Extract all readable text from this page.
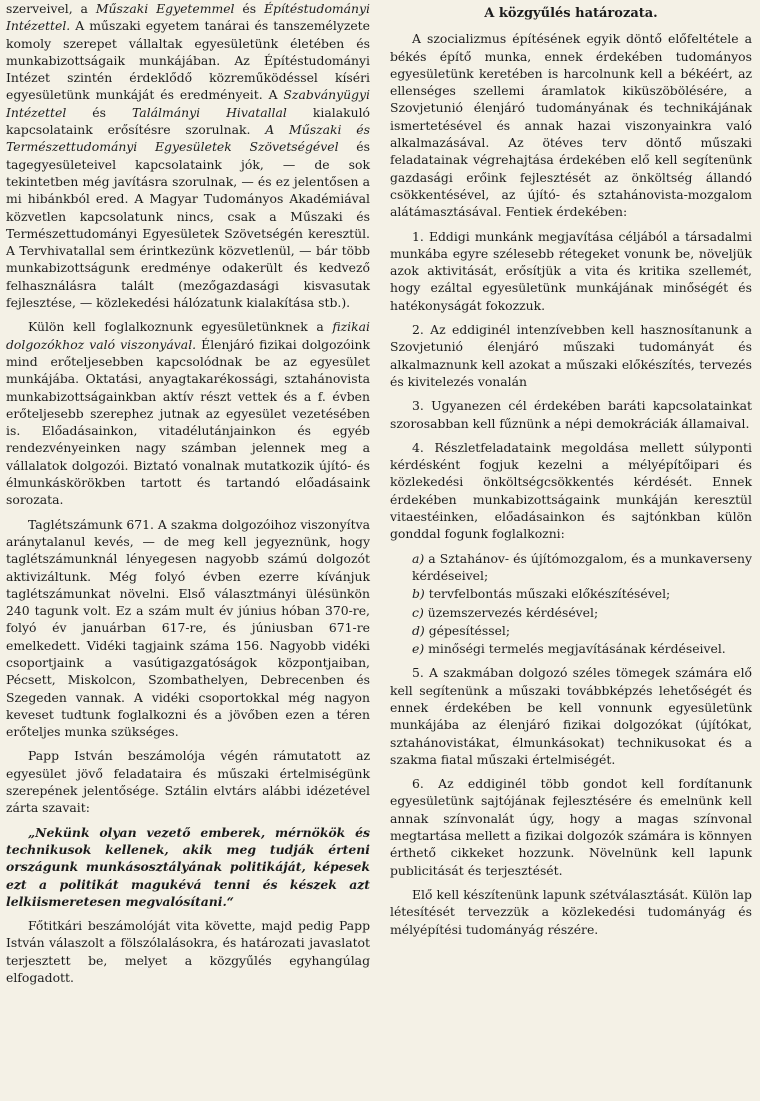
szerveivel, a Műszaki Egyetemmel és Építéstudományi Intézettel. A műszaki egyetem tanárai és tanszemélyzete komoly szerepet vállaltak egyesületünk életében és munkabizottságaik munkájában. Az Építéstudományi Intézet szintén érdeklődő közreműködéssel kíséri egyesületünk munkáját és eredményeit. A Szabványügyi Intézettel és Találmányi Hivatallal kialakuló kapcsolataink erősítésre szorulnak. A Műszaki és Természettudományi Egyesületek Szövetségével és tagegyesületeivel kapcsolataink jók, — de sok tekintetben még javításra szorulnak, — és ez jelentősen a mi hibánkból ered. A Magyar Tudományos Akadémiával közvetlen kapcsolatunk nincs, csak a Műszaki és Természettudományi Egyesületek Szövetségén keresztül. A Tervhivatallal sem érintkezünk közvetlenül, — bár több munkabizottságunk eredménye odakerült és kedvező felhasználásra talált (mezőgazdasági kisvasutak fejlesztése, — közlekedési hálózatunk kialakítása stb.).

Külön kell foglalkoznunk egyesületünknek a fizikai dolgozókhoz való viszonyával. Élenjáró fizikai dolgozóink mind erőteljesebben kapcsolódnak be az egyesület munkájába. Oktatási, anyagtakarékossági, sztahánovista munkabizottságainkban aktív részt vettek és a f. évben erőteljesebb szerephez jutnak az egyesület vezetésében is. Előadásainkon, vitadélutánjainkon és egyéb rendezvényeinken nagy számban jelennek meg a vállalatok dolgozói. Biztató vonalnak mutatkozik újító- és élmunkáskörökben tartott és tartandó előadásaink sorozata.

Taglétszámunk 671. A szakma dolgozóihoz viszonyítva aránytalanul kevés, — de meg kell jegyeznünk, hogy taglétszámunknál lényegesen nagyobb számú dolgozót aktivizáltunk. Még folyó évben ezerre kívánjuk taglétszámunkat növelni. Első választmányi ülésünkön 240 tagunk volt. Ez a szám mult év június hóban 370-re, folyó év januárban 617-re, és júniusban 671-re emelkedett. Vidéki tagjaink száma 156. Nagyobb vidéki csoportjaink a vasútigazgatóságok központjaiban, Pécsett, Miskolcon, Szombathelyen, Debrecenben és Szegeden vannak. A vidéki csoportokkal még nagyon keveset tudtunk foglalkozni és a jövőben ezen a téren erőteljes munka szükséges.

Papp István beszámolója végén rámutatott az egyesület jövő feladataira és műszaki értelmiségünk szerepének jelentősége. Sztálin elvtárs alábbi idézetével zárta szavait:

„Nekünk olyan vezető emberek, mérnökök és technikusok kellenek, akik meg tudják érteni országunk munkásosztályának politikáját, képesek ezt a politikát magukévá tenni és készek azt lelkiismeretesen megvalósítani.“

Főtitkári beszámolóját vita követte, majd pedig Papp István válaszolt a fölszólalásokra, és határozati javaslatot terjesztett be, melyet a közgyűlés egyhangúlag elfogadott.

A közgyűlés határozata.

A szocializmus építésének egyik döntő előfeltétele a békés építő munka, ennek érdekében tudományos egyesületünk keretében is harcolnunk kell a békéért, az ellenséges szellemi áramlatok kiküszöbölésére, a Szovjetunió élenjáró tudományának és technikájának ismertetésével és annak hazai viszonyainkra való alkalmazásával. Az ötéves terv döntő műszaki feladatainak végrehajtása érdekében elő kell segítenünk gazdasági erőink fejlesztését az önköltség állandó csökkentésével, az újító- és sztahánovista-mozgalom alátámasztásával. Fentiek érdekében:

1. Eddigi munkánk megjavítása céljából a társadalmi munkába egyre szélesebb rétegeket vonunk be, növeljük azok aktivitását, erősítjük a vita és kritika szellemét, hogy ezáltal egyesületünk munkájának minőségét és hatékonyságát fokozzuk.

2. Az eddiginél intenzívebben kell hasznosítanunk a Szovjetunió élenjáró műszaki tudományát és alkalmaznunk kell azokat a műszaki előkészítés, tervezés és kivitelezés vonalán

3. Ugyanezen cél érdekében baráti kapcsolatainkat szorosabban kell fűznünk a népi demokráciák államaival.

4. Részletfeladataink megoldása mellett súlyponti kérdésként fogjuk kezelni a mélyépítőipari és közlekedési önköltségcsökkentés kérdését. Ennek érdekében munkabizottságaink munkáján keresztül vitaestéinken, előadásainkon és sajtónkban külön gonddal fogunk foglalkozni:

a) a Sztahánov- és újítómozgalom, és a munkaverseny kérdéseivel;

b) tervfelbontás műszaki előkészítésével;

c) üzemszervezés kérdésével;

d) gépesítéssel;

e) minőségi termelés megjavításának kérdéseivel.

5. A szakmában dolgozó széles tömegek számára elő kell segítenünk a műszaki továbbképzés lehetőségét és ennek érdekében be kell vonnunk egyesületünk munkájába az élenjáró fizikai dolgozókat (újítókat, sztahánovistákat, élmunkásokat) technikusokat és a szakma fiatal műszaki értelmiségét.

6. Az eddiginél több gondot kell fordítanunk egyesületünk sajtójának fejlesztésére és emelnünk kell annak színvonalát úgy, hogy a magas színvonal megtartása mellett a fizikai dolgozók számára is könnyen érthető cikkeket hozzunk. Növelnünk kell lapunk publicitását és terjesztését.

Elő kell készítenünk lapunk szétválasztását. Külön lap létesítését tervezzük a közlekedési tudományág és mélyépítési tudományág részére.
